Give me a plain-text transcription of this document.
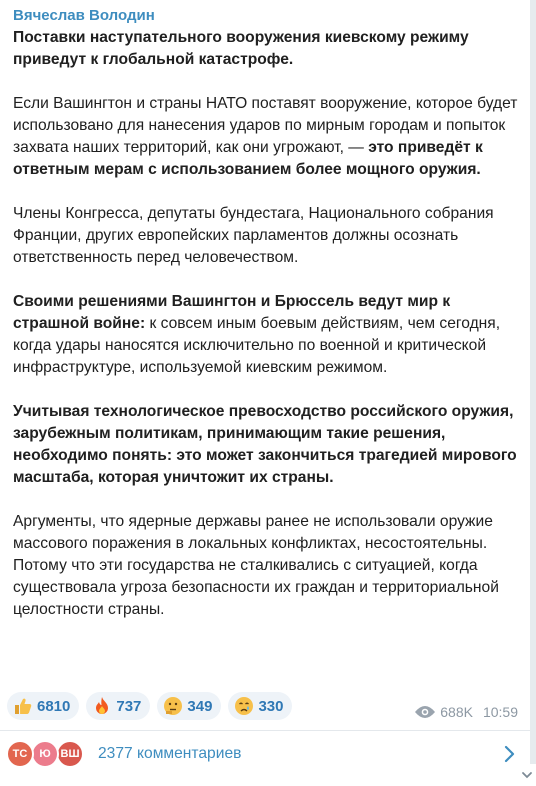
Вячеслав Володин

Поставки наступательного вооружения киевскому режиму приведут к глобальной катастрофе.

Если Вашингтон и страны НАТО поставят вооружение, которое будет использовано для нанесения ударов по мирным городам и попыток захвата наших территорий, как они угрожают, — это приведёт к ответным мерам с использованием более мощного оружия.

Члены Конгресса, депутаты бундестага, Национального собрания Франции, других европейских парламентов должны осознать ответственность перед человечеством.

Своими решениями Вашингтон и Брюссель ведут мир к страшной войне: к совсем иным боевым действиям, чем сегодня, когда удары наносятся исключительно по военной и критической инфраструктуре, используемой киевским режимом.

Учитывая технологическое превосходство российского оружия, зарубежным политикам, принимающим такие решения, необходимо понять: это может закончиться трагедией мирового масштаба, которая уничтожит их страны.

Аргументы, что ядерные державы ранее не использовали оружие массового поражения в локальных конфликтах, несостоятельны. Потому что эти государства не сталкивались с ситуацией, когда существовала угроза безопасности их граждан и территориальной целостности страны.

6810	737	349	330	688K 10:59
ТС	Ю ВШ 2377 комментариев
